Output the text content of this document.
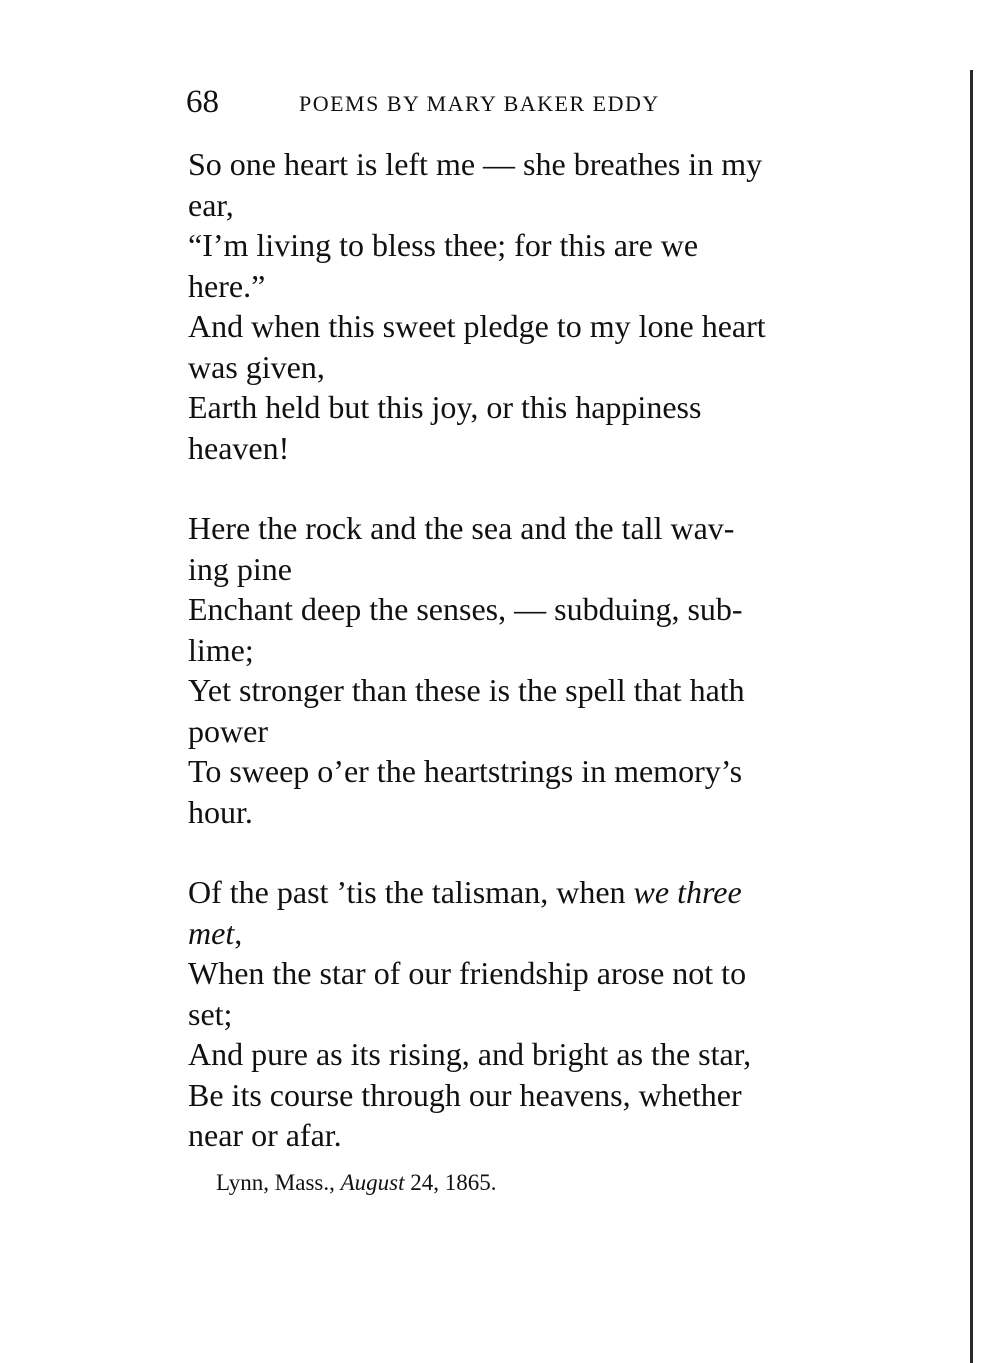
68	POEMS BY MARY BAKER EDDY

So one heart is left me — she breathes in my
ear,

“I’m living to bless thee; for this are we
here.”

And when this sweet pledge to my lone heart
was given,

Earth held but this joy, or this happiness
heaven!

Here the rock and the sea and the tall wav-
ing pine

Enchant deep the senses, — subduing, sub-
lime;

Yet stronger than these is the spell that hath
power

To sweep o’er the heartstrings in memory’s
hour.

Of the past ’tis the talisman, when we three
met,

When the star of our friendship arose not to
set;

And pure as its rising, and bright as the star,

Be its course through our heavens, whether
near or afar.

Lynn, Mass., August 24, 1865.
